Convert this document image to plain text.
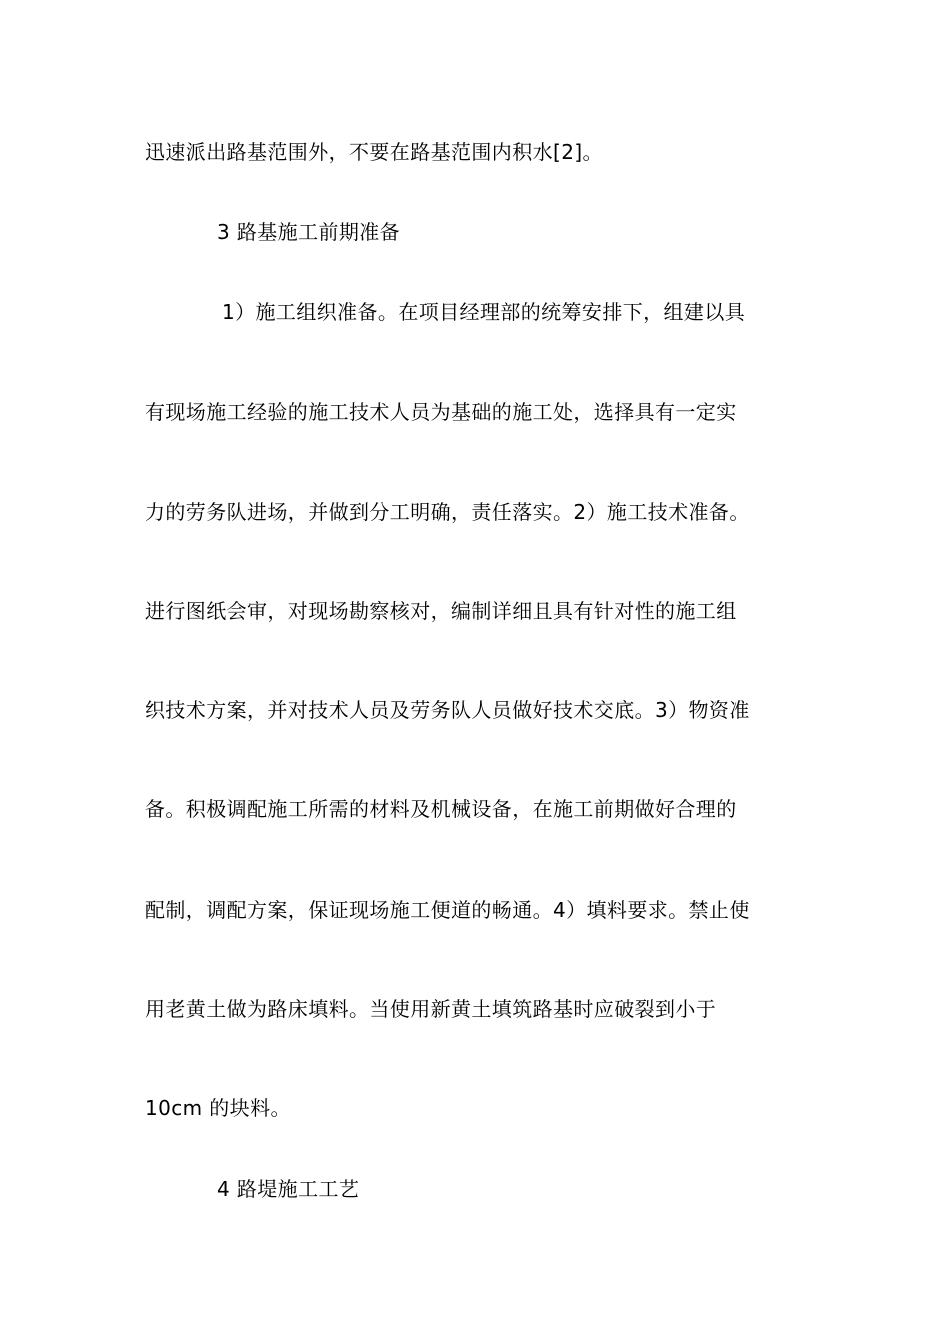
迅速派出路基范围外，不要在路基范围内积水[2]。
3 路基施工前期准备
1）施工组织准备。在项目经理部的统筹安排下，组建以具
有现场施工经验的施工技术人员为基础的施工处，选择具有一定实
力的劳务队进场，并做到分工明确，责任落实。2）施工技术准备。
进行图纸会审，对现场勘察核对，编制详细且具有针对性的施工组
织技术方案，并对技术人员及劳务队人员做好技术交底。3）物资准
备。积极调配施工所需的材料及机械设备，在施工前期做好合理的
配制，调配方案，保证现场施工便道的畅通。4）填料要求。禁止使
用老黄土做为路床填料。当使用新黄土填筑路基时应破裂到小于
10cm 的块料。
4 路堤施工工艺
